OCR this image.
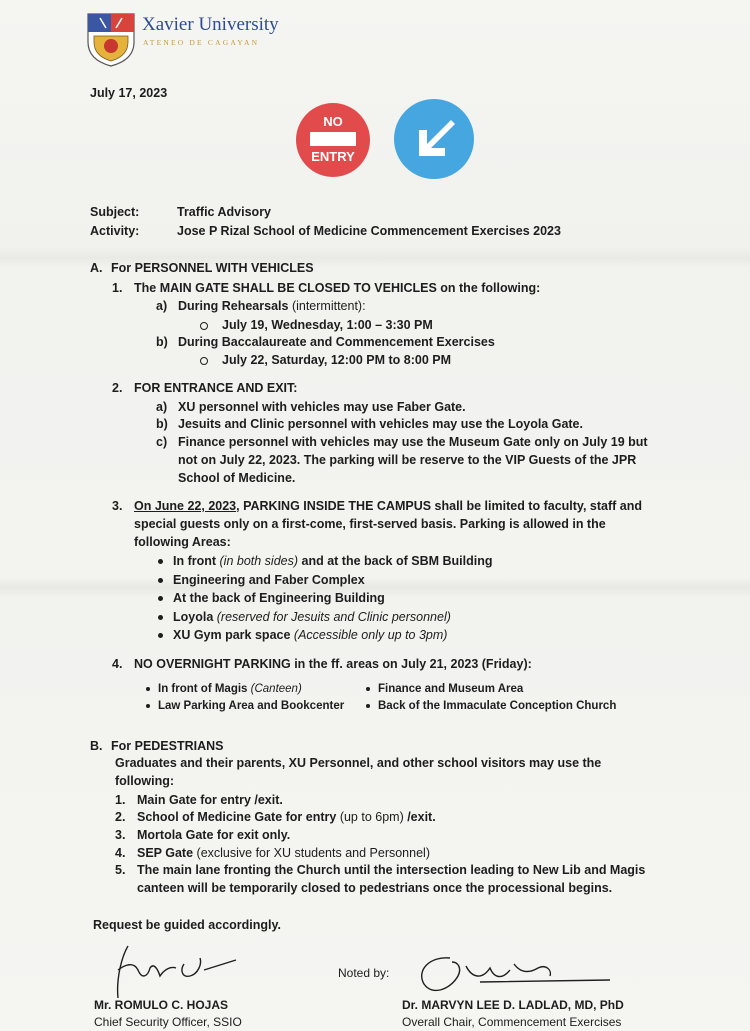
Xavier University
ATENEO DE CAGAYAN
July 17, 2023
NO
ENTRY
Subject:	Traffic Advisory
Activity:	Jose P Rizal School of Medicine Commencement Exercises 2023
A. For PERSONNEL WITH VEHICLES
1. The MAIN GATE SHALL BE CLOSED TO VEHICLES on the following:
a) During Rehearsals (intermittent):
July 19, Wednesday, 1:00 – 3:30 PM
b) During Baccalaureate and Commencement Exercises
July 22, Saturday, 12:00 PM to 8:00 PM
2. FOR ENTRANCE AND EXIT:
a) XU personnel with vehicles may use Faber Gate.
b) Jesuits and Clinic personnel with vehicles may use the Loyola Gate.
c) Finance personnel with vehicles may use the Museum Gate only on July 19 but
not on July 22, 2023. The parking will be reserve to the VIP Guests of the JPR
School of Medicine.
3. On June 22, 2023, PARKING INSIDE THE CAMPUS shall be limited to faculty, staff and
special guests only on a first-come, first-served basis. Parking is allowed in the
following Areas:
In front (in both sides) and at the back of SBM Building
Engineering and Faber Complex
At the back of Engineering Building
Loyola (reserved for Jesuits and Clinic personnel)
XU Gym park space (Accessible only up to 3pm)
4. NO OVERNIGHT PARKING in the ff. areas on July 21, 2023 (Friday):
In front of Magis (Canteen)
Law Parking Area and Bookcenter
Finance and Museum Area
Back of the Immaculate Conception Church
B. For PEDESTRIANS
Graduates and their parents, XU Personnel, and other school visitors may use the
following:
1. Main Gate for entry /exit.
2. School of Medicine Gate for entry (up to 6pm) /exit.
3. Mortola Gate for exit only.
4. SEP Gate (exclusive for XU students and Personnel)
5. The main lane fronting the Church until the intersection leading to New Lib and Magis
canteen will be temporarily closed to pedestrians once the processional begins.
Request be guided accordingly.
Noted by:
Mr. ROMULO C. HOJAS
Chief Security Officer, SSIO
Dr. MARVYN LEE D. LADLAD, MD, PhD
Overall Chair, Commencement Exercises
